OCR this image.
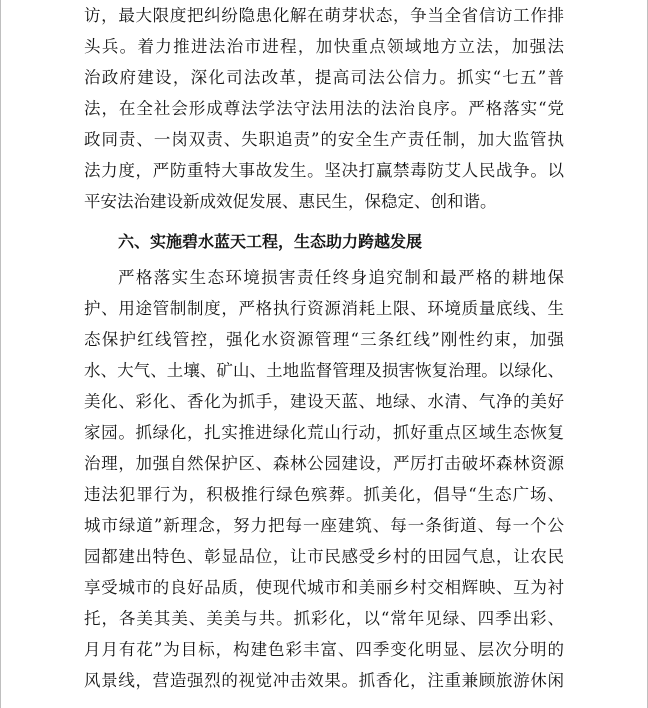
访，最大限度把纠纷隐患化解在萌芽状态，争当全省信访工作排
头兵。着力推进法治市进程，加快重点领域地方立法，加强法
治政府建设，深化司法改革，提高司法公信力。抓实“七五”普
法，在全社会形成尊法学法守法用法的法治良序。严格落实“党
政同责、一岗双责、失职追责”的安全生产责任制，加大监管执
法力度，严防重特大事故发生。坚决打赢禁毒防艾人民战争。以
平安法治建设新成效促发展、惠民生，保稳定、创和谐。
六、实施碧水蓝天工程，生态助力跨越发展
严格落实生态环境损害责任终身追究制和最严格的耕地保
护、用途管制制度，严格执行资源消耗上限、环境质量底线、生
态保护红线管控，强化水资源管理“三条红线”刚性约束，加强
水、大气、土壤、矿山、土地监督管理及损害恢复治理。以绿化、
美化、彩化、香化为抓手，建设天蓝、地绿、水清、气净的美好
家园。抓绿化，扎实推进绿化荒山行动，抓好重点区域生态恢复
治理，加强自然保护区、森林公园建设，严厉打击破坏森林资源
违法犯罪行为，积极推行绿色殡葬。抓美化，倡导“生态广场、
城市绿道”新理念，努力把每一座建筑、每一条街道、每一个公
园都建出特色、彰显品位，让市民感受乡村的田园气息，让农民
享受城市的良好品质，使现代城市和美丽乡村交相辉映、互为衬
托，各美其美、美美与共。抓彩化，以“常年见绿、四季出彩、
月月有花”为目标，构建色彩丰富、四季变化明显、层次分明的
风景线，营造强烈的视觉冲击效果。抓香化，注重兼顾旅游休闲
